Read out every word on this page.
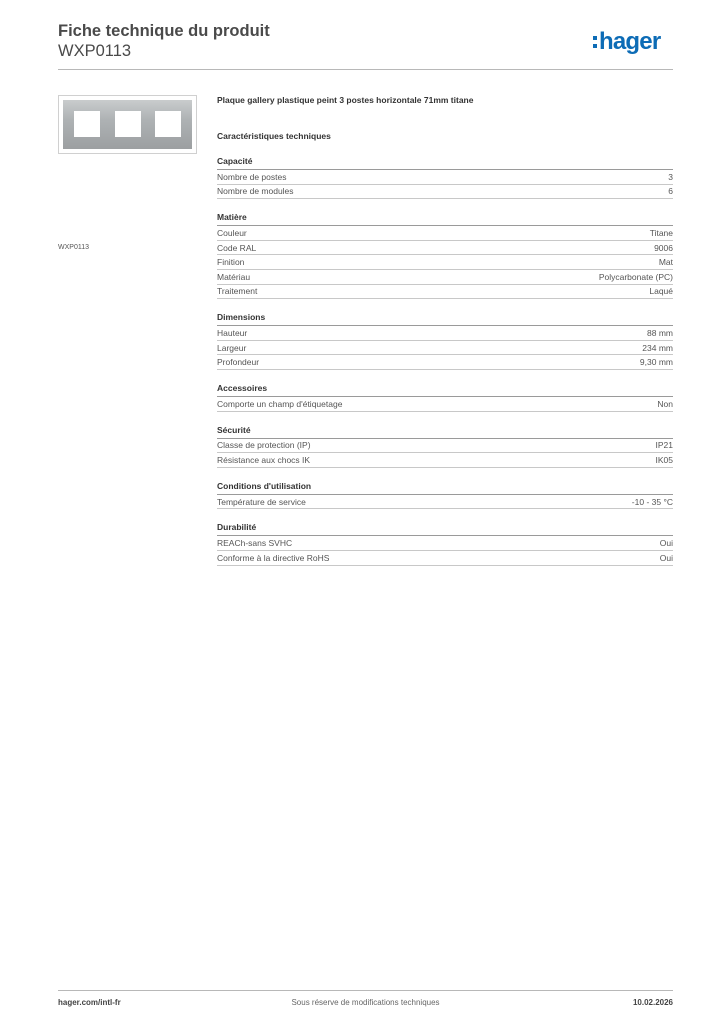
Fiche technique du produit
WXP0113	hager
WXP0113
Plaque gallery plastique peint 3 postes horizontale 71mm titane
Caractéristiques techniques
Capacité
Nombre de postes	3
Nombre de modules	6
Matière
Couleur	Titane
Code RAL	9006
Finition	Mat
Matériau	Polycarbonate (PC)
Traitement	Laqué
Dimensions
Hauteur	88 mm
Largeur	234 mm
Profondeur	9,30 mm
Accessoires
Comporte un champ d'étiquetage	Non
Sécurité
Classe de protection (IP)	IP21
Résistance aux chocs IK	IK05
Conditions d'utilisation
Température de service	-10 - 35 °C
Durabilité
REACh-sans SVHC	Oui
Conforme à la directive RoHS	Oui
hager.com/intl-fr	Sous réserve de modifications techniques	10.02.2026
